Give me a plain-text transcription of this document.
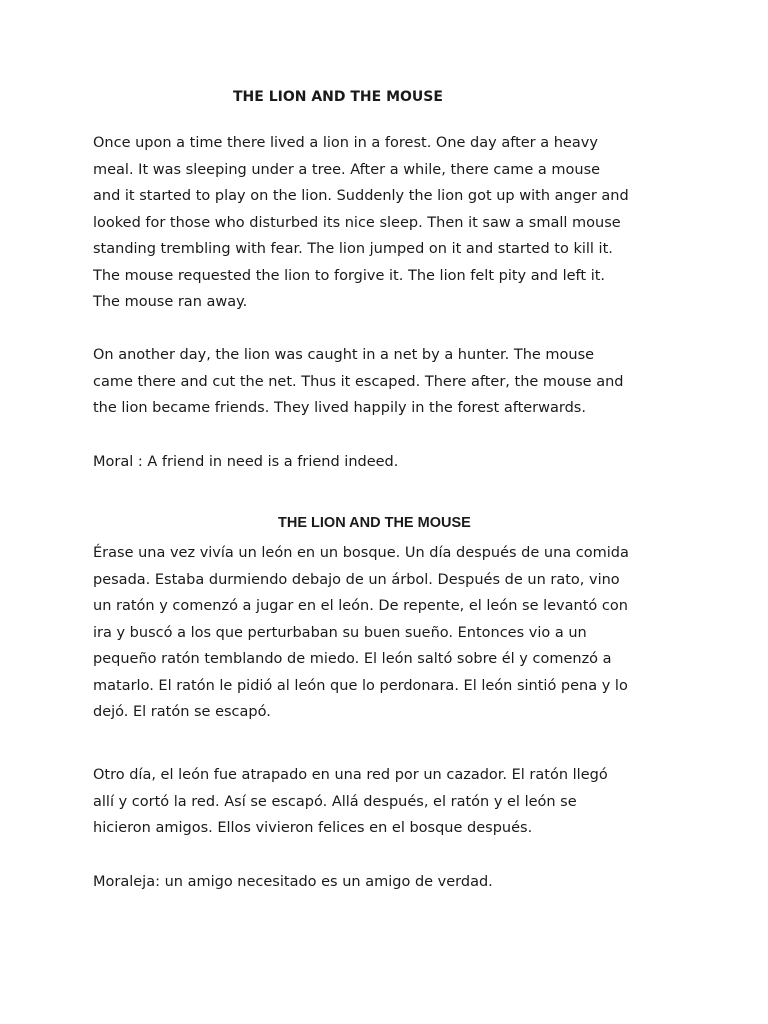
THE LION AND THE MOUSE

Once upon a time there lived a lion in a forest. One day after a heavy
meal. It was sleeping under a tree. After a while, there came a mouse
and it started to play on the lion. Suddenly the lion got up with anger and
looked for those who disturbed its nice sleep. Then it saw a small mouse
standing trembling with fear. The lion jumped on it and started to kill it.
The mouse requested the lion to forgive it. The lion felt pity and left it.
The mouse ran away.

On another day, the lion was caught in a net by a hunter. The mouse
came there and cut the net. Thus it escaped. There after, the mouse and
the lion became friends. They lived happily in the forest afterwards.

Moral : A friend in need is a friend indeed.

THE LION AND THE MOUSE

Érase una vez vivía un león en un bosque. Un día después de una comida
pesada. Estaba durmiendo debajo de un árbol. Después de un rato, vino
un ratón y comenzó a jugar en el león. De repente, el león se levantó con
ira y buscó a los que perturbaban su buen sueño. Entonces vio a un
pequeño ratón temblando de miedo. El león saltó sobre él y comenzó a
matarlo. El ratón le pidió al león que lo perdonara. El león sintió pena y lo
dejó. El ratón se escapó.

Otro día, el león fue atrapado en una red por un cazador. El ratón llegó
allí y cortó la red. Así se escapó. Allá después, el ratón y el león se
hicieron amigos. Ellos vivieron felices en el bosque después.

Moraleja: un amigo necesitado es un amigo de verdad.
